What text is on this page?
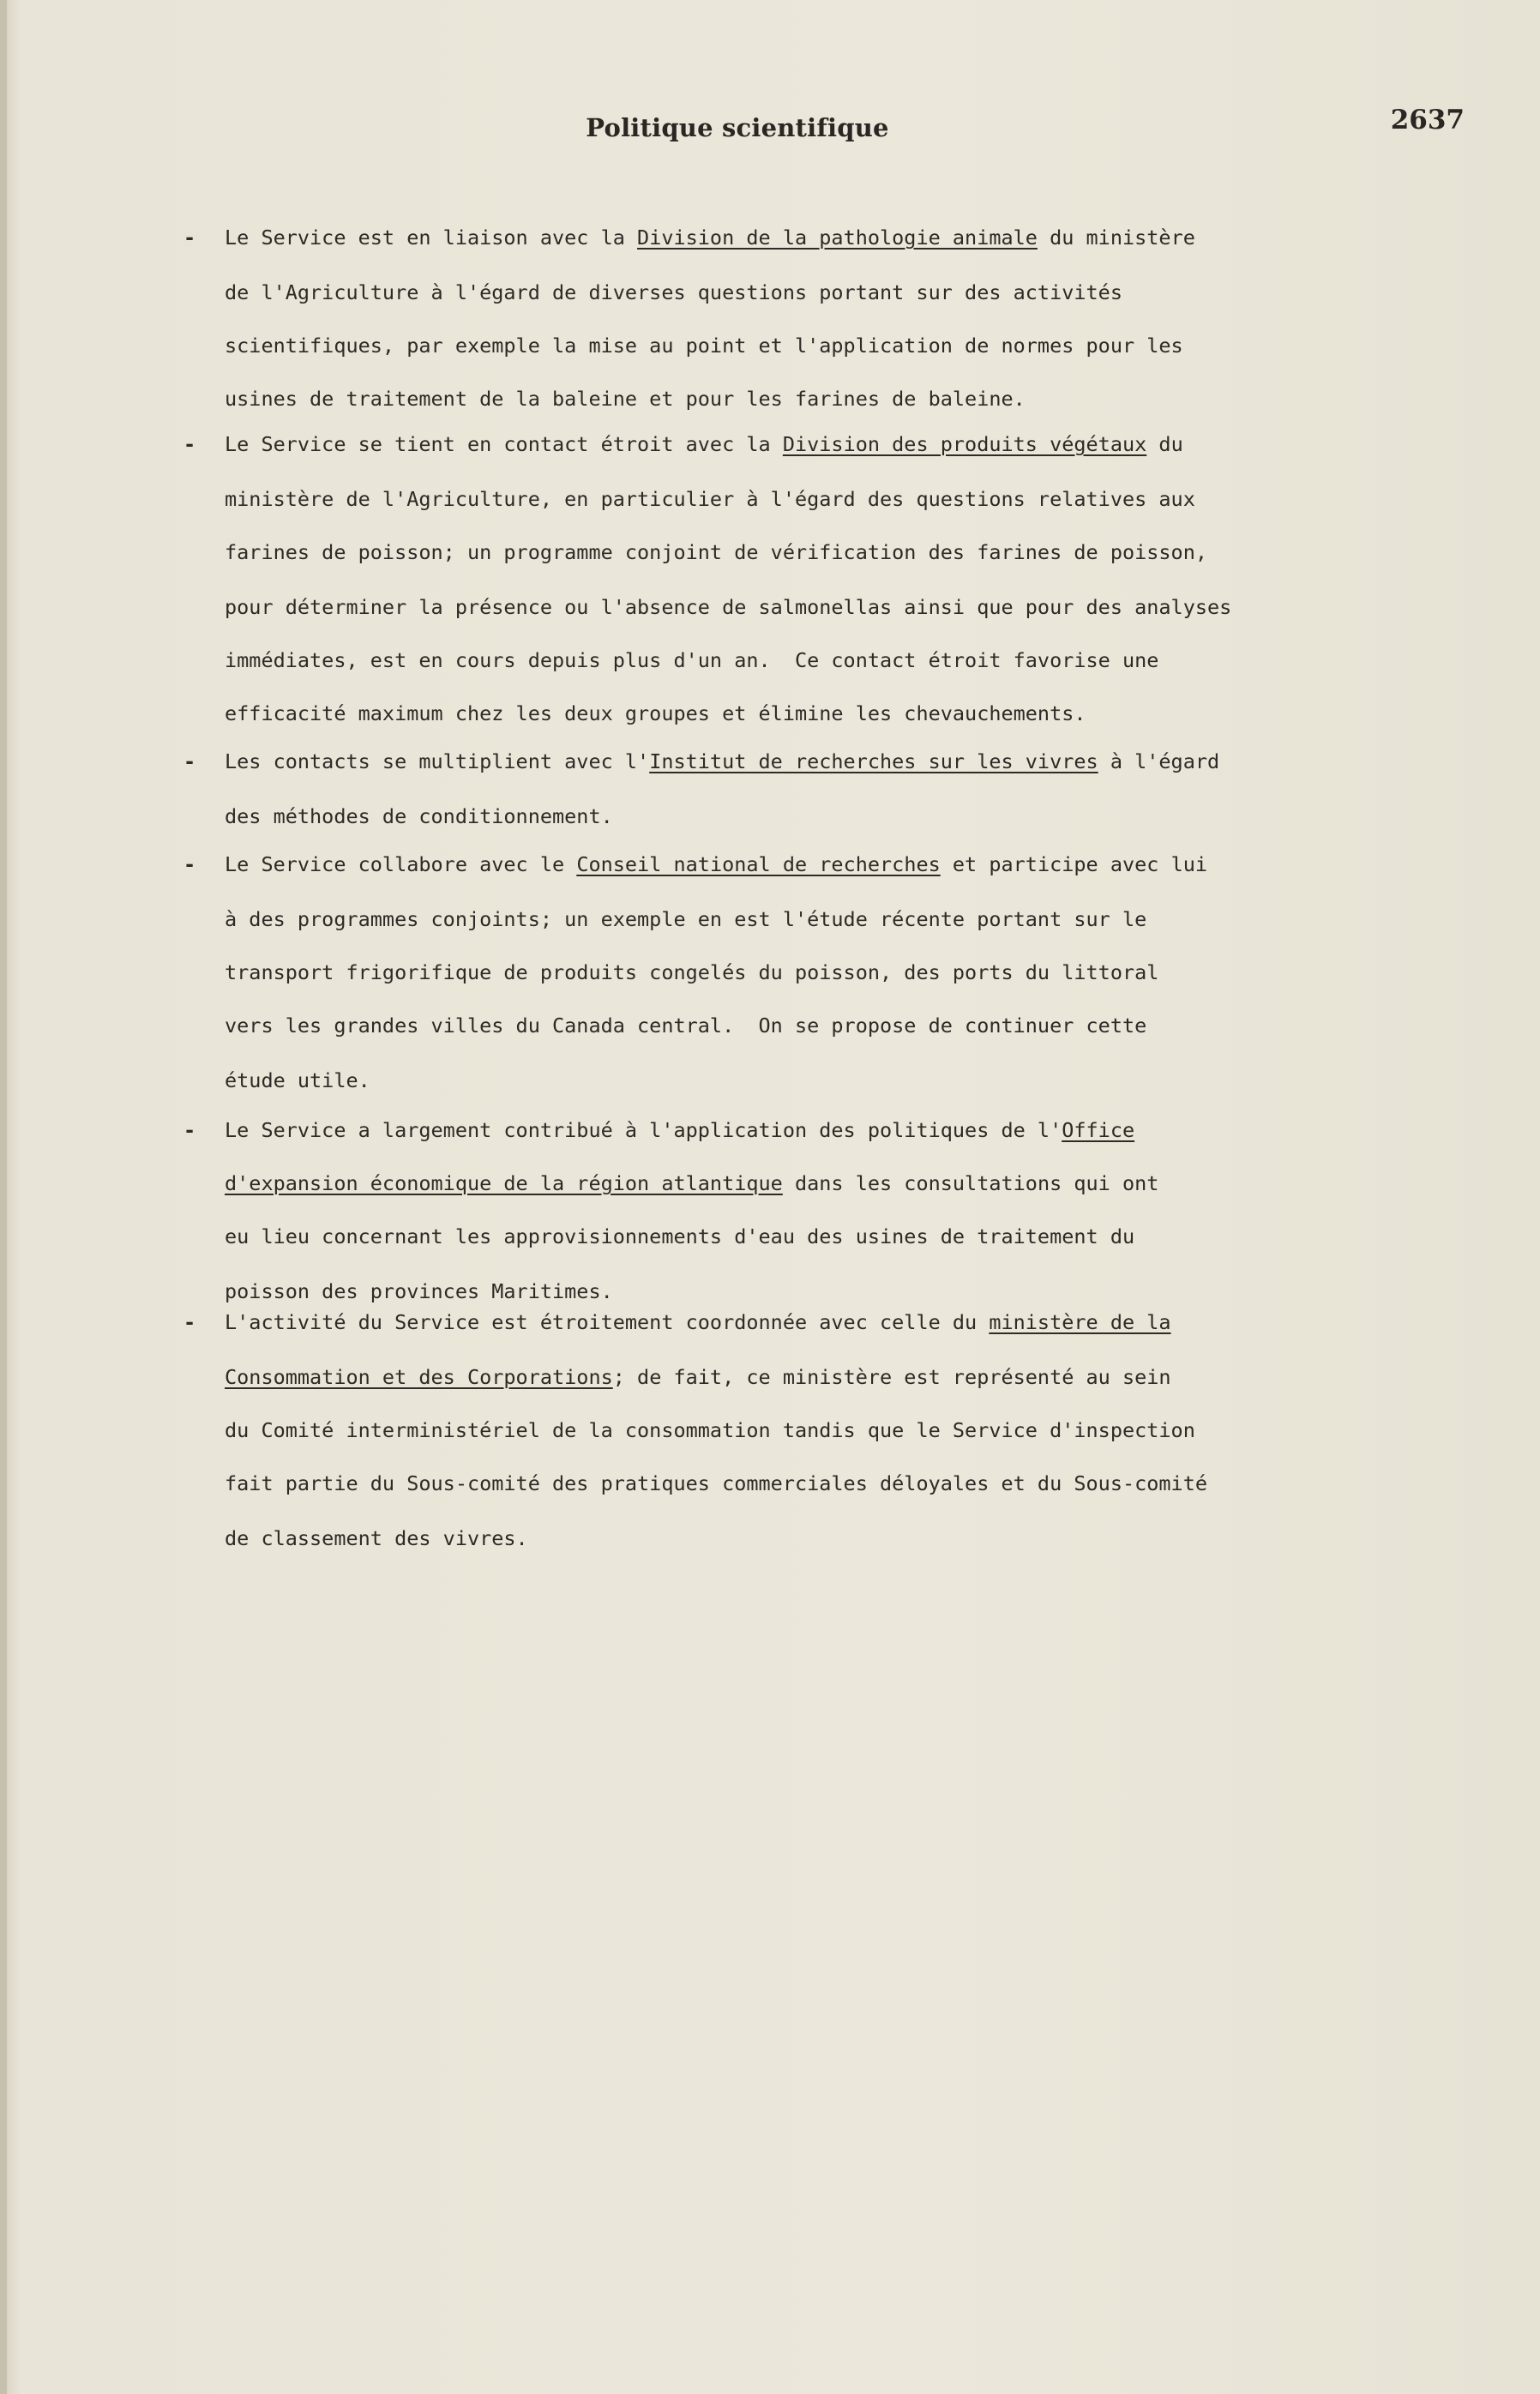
Politique scientifique	2637
- Le Service est en liaison avec la Division de la pathologie animale du ministère
de l'Agriculture à l'égard de diverses questions portant sur des activités
scientifiques, par exemple la mise au point et l'application de normes pour les
usines de traitement de la baleine et pour les farines de baleine.
- Le Service se tient en contact étroit avec la Division des produits végétaux du
ministère de l'Agriculture, en particulier à l'égard des questions relatives aux
farines de poisson; un programme conjoint de vérification des farines de poisson,
pour déterminer la présence ou l'absence de salmonellas ainsi que pour des analyses
immédiates, est en cours depuis plus d'un an.  Ce contact étroit favorise une
efficacité maximum chez les deux groupes et élimine les chevauchements.
- Les contacts se multiplient avec l'Institut de recherches sur les vivres à l'égard
des méthodes de conditionnement.
- Le Service collabore avec le Conseil national de recherches et participe avec lui
à des programmes conjoints; un exemple en est l'étude récente portant sur le
transport frigorifique de produits congelés du poisson, des ports du littoral
vers les grandes villes du Canada central.  On se propose de continuer cette
étude utile.
- Le Service a largement contribué à l'application des politiques de l'Office
d'expansion économique de la région atlantique dans les consultations qui ont
eu lieu concernant les approvisionnements d'eau des usines de traitement du
poisson des provinces Maritimes.
- L'activité du Service est étroitement coordonnée avec celle du ministère de la
Consommation et des Corporations; de fait, ce ministère est représenté au sein
du Comité interministériel de la consommation tandis que le Service d'inspection
fait partie du Sous-comité des pratiques commerciales déloyales et du Sous-comité
de classement des vivres.
